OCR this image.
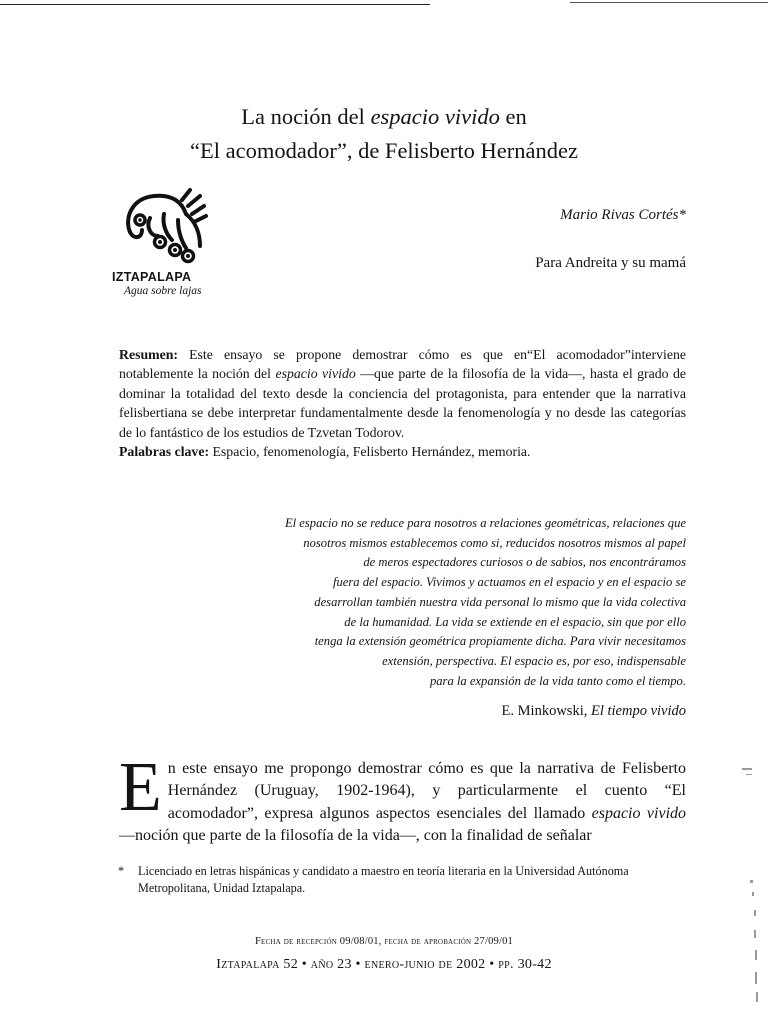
La noción del espacio vivido en
“El acomodador”, de Felisberto Hernández
IZTAPALAPA
Agua sobre lajas
Mario Rivas Cortés*
Para Andreita y su mamá
Resumen: Este ensayo se propone demostrar cómo es que en“El acomodador”interviene notablemente la noción del espacio vivido —que parte de la filosofía de la vida—, hasta el grado de dominar la totalidad del texto desde la conciencia del protagonista, para entender que la narrativa felisbertiana se debe interpretar fundamentalmente desde la fenomenología y no desde las categorías de lo fantástico de los estudios de Tzvetan Todorov.
Palabras clave: Espacio, fenomenología, Felisberto Hernández, memoria.
El espacio no se reduce para nosotros a relaciones geométricas, relaciones que
nosotros mismos establecemos como si, reducidos nosotros mismos al papel
de meros espectadores curiosos o de sabios, nos encontráramos
fuera del espacio. Vivimos y actuamos en el espacio y en el espacio se
desarrollan también nuestra vida personal lo mismo que la vida colectiva
de la humanidad. La vida se extiende en el espacio, sin que por ello
tenga la extensión geométrica propiamente dicha. Para vivir necesitamos
extensión, perspectiva. El espacio es, por eso, indispensable
para la expansión de la vida tanto como el tiempo.
E. Minkowski, El tiempo vivido
En este ensayo me propongo demostrar cómo es que la narrativa de Felisberto Hernández (Uruguay, 1902-1964), y particularmente el cuento “El acomodador”, expresa algunos aspectos esenciales del llamado espacio vivido —noción que parte de la filosofía de la vida—, con la finalidad de señalar
* Licenciado en letras hispánicas y candidato a maestro en teoría literaria en la Universidad Autónoma Metropolitana, Unidad Iztapalapa.
Fecha de recepción 09/08/01, fecha de aprobación 27/09/01
Iztapalapa 52 • año 23 • enero-junio de 2002 • pp. 30-42
